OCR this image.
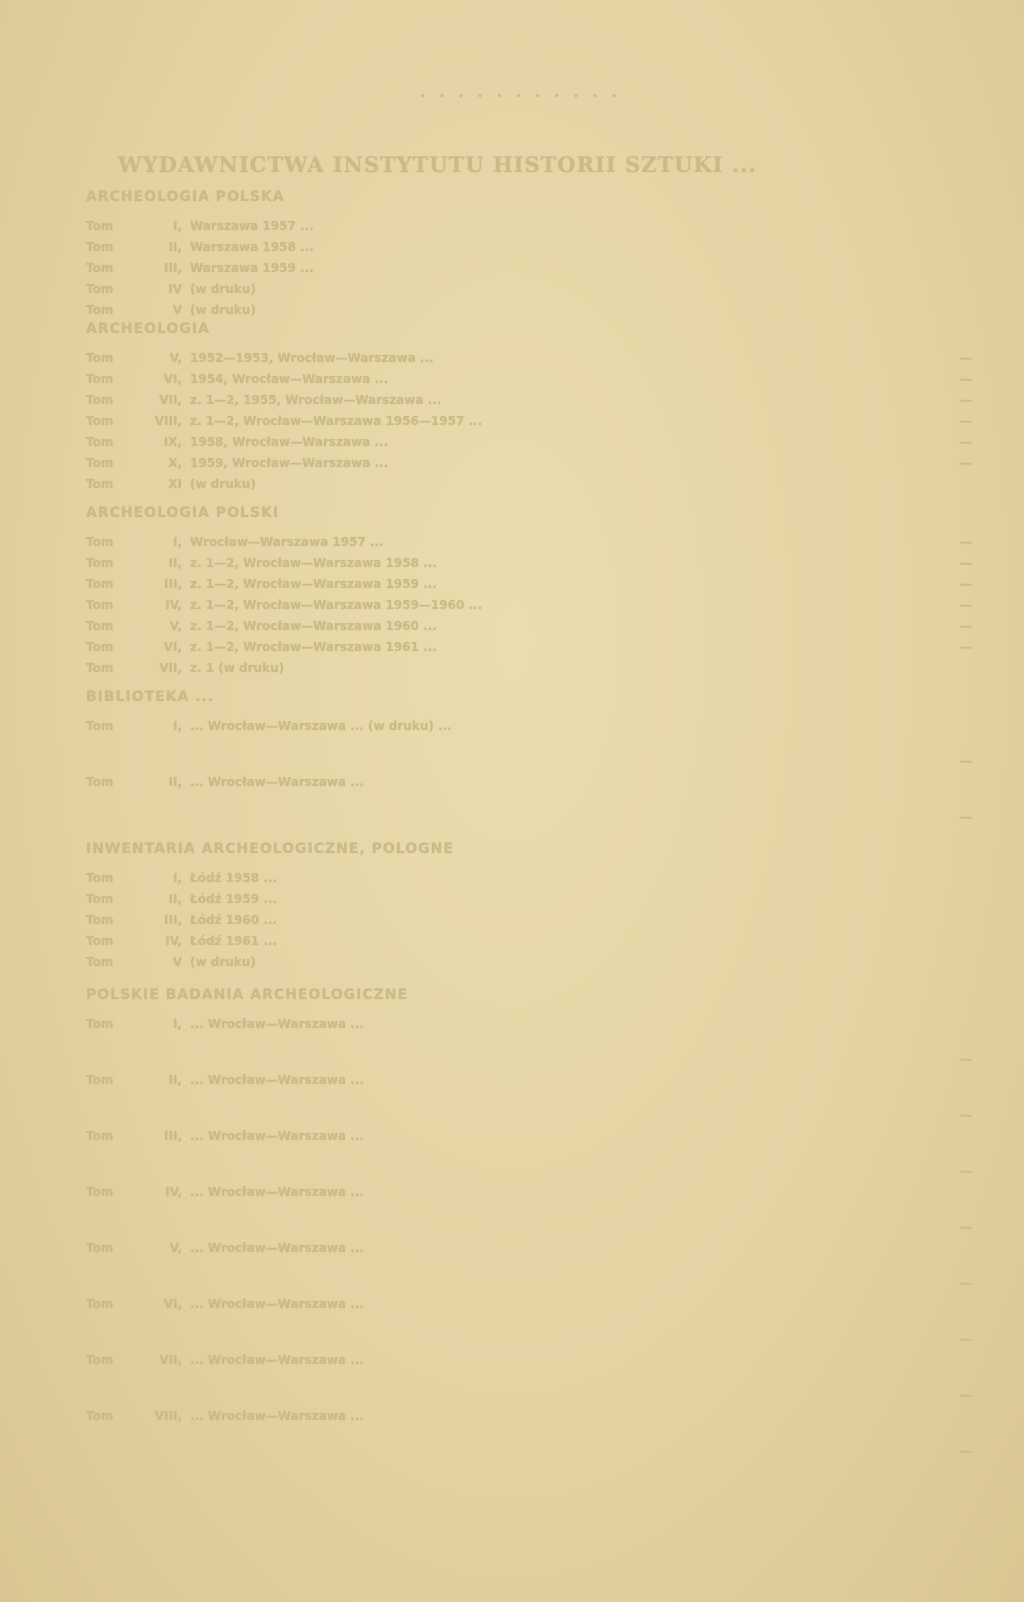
· · · · · · · · · · ·
WYDAWNICTWA INSTYTUTU HISTORII SZTUKI ...
ARCHEOLOGIA POLSKA
Tom	I, Warszawa 1957 ...
Tom	II, Warszawa 1958 ...
Tom	III, Warszawa 1959 ...
Tom	IV (w druku)
Tom	V (w druku)
ARCHEOLOGIA
Tom	V, 1952—1953, Wrocław—Warszawa ...	—
Tom	VI, 1954, Wrocław—Warszawa ...	—
Tom	VII, z. 1—2, 1955, Wrocław—Warszawa ...	—
Tom	VIII, z. 1—2, Wrocław—Warszawa 1956—1957 ...	—
Tom	IX, 1958, Wrocław—Warszawa ...	—
Tom	X, 1959, Wrocław—Warszawa ...	—
Tom	XI (w druku)
ARCHEOLOGIA POLSKI
Tom	I, Wrocław—Warszawa 1957 ...	—
Tom	II, z. 1—2, Wrocław—Warszawa 1958 ...	—
Tom	III, z. 1—2, Wrocław—Warszawa 1959 ...	—
Tom	IV, z. 1—2, Wrocław—Warszawa 1959—1960 ...	—
Tom	V, z. 1—2, Wrocław—Warszawa 1960 ...	—
Tom	VI, z. 1—2, Wrocław—Warszawa 1961 ...	—
Tom	VII, z. 1 (w druku)
BIBLIOTEKA ...
Tom	I, ... Wrocław—Warszawa ... (w druku) ...
—
Tom	II, ... Wrocław—Warszawa ...
—
INWENTARIA ARCHEOLOGICZNE, POLOGNE
Tom	I, Łódź 1958 ...
Tom	II, Łódź 1959 ...
Tom	III, Łódź 1960 ...
Tom	IV, Łódź 1961 ...
Tom	V (w druku)
POLSKIE BADANIA ARCHEOLOGICZNE
Tom	I, ... Wrocław—Warszawa ...
—
Tom	II, ... Wrocław—Warszawa ...
—
Tom	III, ... Wrocław—Warszawa ...
—
Tom	IV, ... Wrocław—Warszawa ...
—
Tom	V, ... Wrocław—Warszawa ...
—
Tom	VI, ... Wrocław—Warszawa ...
—
Tom	VII, ... Wrocław—Warszawa ...
—
Tom	VIII, ... Wrocław—Warszawa ...
—
